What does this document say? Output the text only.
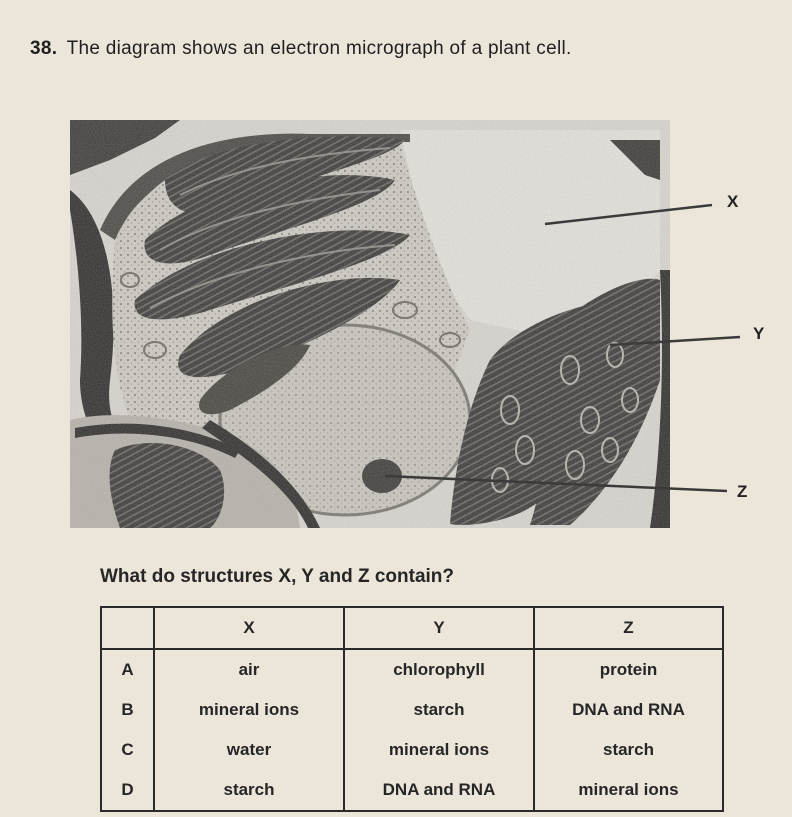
38. The diagram shows an electron micrograph of a plant cell.
X
Y
Z
What do structures X, Y and Z contain?
	X	Y	Z
A	air	chlorophyll	protein
B	mineral ions	starch	DNA and RNA
C	water	mineral ions	starch
D	starch	DNA and RNA	mineral ions
